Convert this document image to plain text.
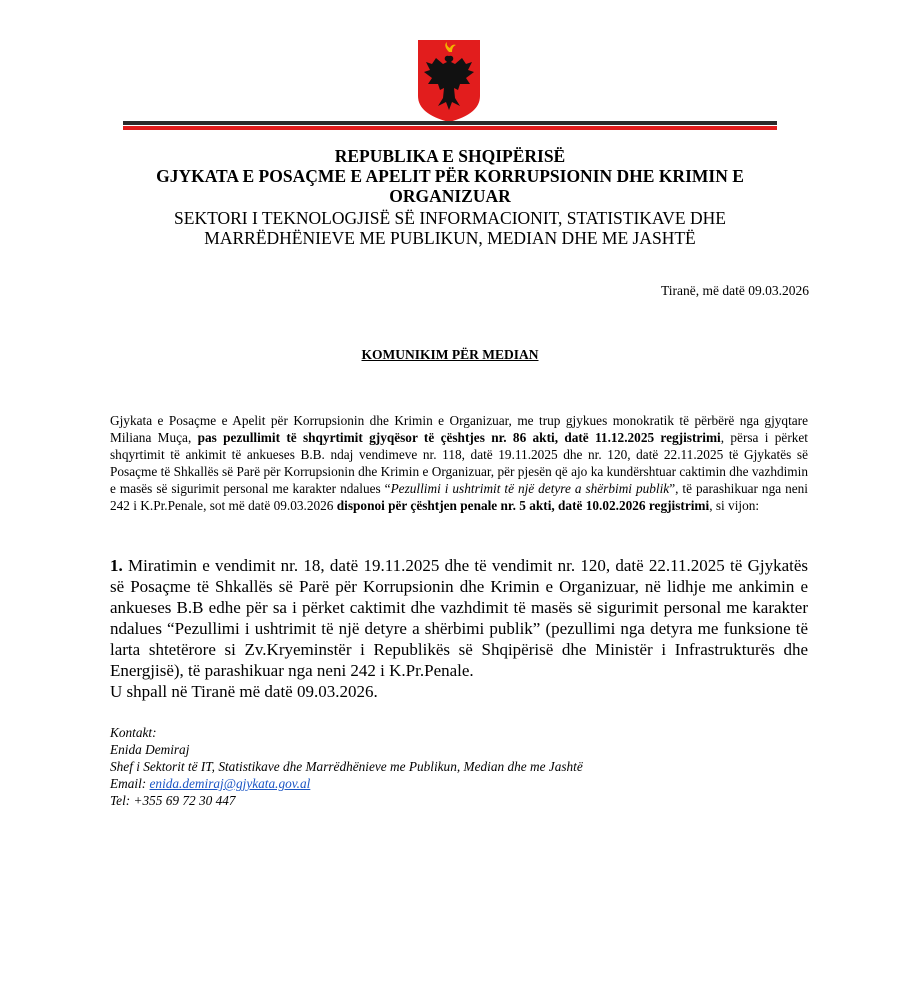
REPUBLIKA E SHQIPËRISË
GJYKATA E POSAÇME E APELIT PËR KORRUPSIONIN DHE KRIMIN E ORGANIZUAR
SEKTORI I TEKNOLOGJISË SË INFORMACIONIT, STATISTIKAVE DHE MARRËDHËNIEVE ME PUBLIKUN, MEDIAN DHE ME JASHTË
Tiranë, më datë 09.03.2026
KOMUNIKIM PËR MEDIAN
Gjykata e Posaçme e Apelit për Korrupsionin dhe Krimin e Organizuar, me trup gjykues monokratik të përbërë nga gjyqtare Miliana Muça, pas pezullimit të shqyrtimit gjyqësor të çështjes nr. 86 akti, datë 11.12.2025 regjistrimi, përsa i përket shqyrtimit të ankimit të ankueses B.B. ndaj vendimeve nr. 118, datë 19.11.2025 dhe nr. 120, datë 22.11.2025 të Gjykatës së Posaçme të Shkallës së Parë për Korrupsionin dhe Krimin e Organizuar, për pjesën që ajo ka kundërshtuar caktimin dhe vazhdimin e masës së sigurimit personal me karakter ndalues “Pezullimi i ushtrimit të një detyre a shërbimi publik”, të parashikuar nga neni 242 i K.Pr.Penale, sot më datë 09.03.2026 disponoi për çështjen penale nr. 5 akti, datë 10.02.2026 regjistrimi, si vijon:
1. Miratimin e vendimit nr. 18, datë 19.11.2025 dhe të vendimit nr. 120, datë 22.11.2025 të Gjykatës së Posaçme të Shkallës së Parë për Korrupsionin dhe Krimin e Organizuar, në lidhje me ankimin e ankueses B.B edhe për sa i përket caktimit dhe vazhdimit të masës së sigurimit personal me karakter ndalues “Pezullimi i ushtrimit të një detyre a shërbimi publik” (pezullimi nga detyra me funksione të larta shtetërore si Zv.Kryeminstër i Republikës së Shqipërisë dhe Ministër i Infrastrukturës dhe Energjisë), të parashikuar nga neni 242 i K.Pr.Penale.
U shpall në Tiranë më datë 09.03.2026.
Kontakt:
Enida Demiraj
Shef i Sektorit të IT, Statistikave dhe Marrëdhënieve me Publikun, Median dhe me Jashtë
Email: enida.demiraj@gjykata.gov.al
Tel: +355 69 72 30 447
